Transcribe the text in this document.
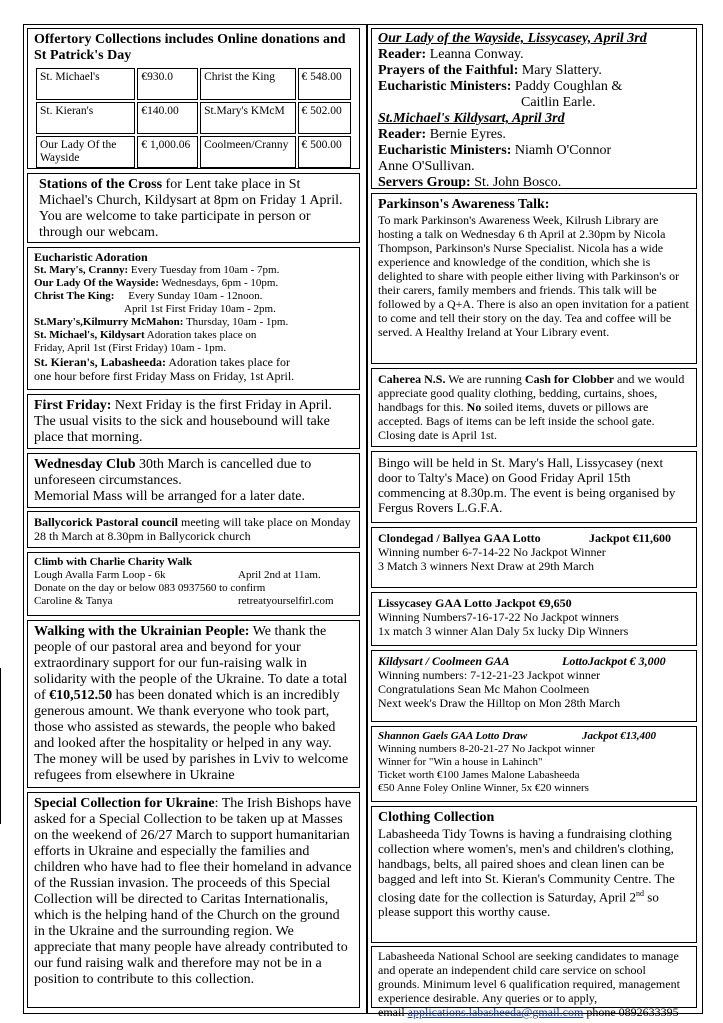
Offertory Collections includes Online donations and St Patrick's Day

St. Michael's	€930.0	Christ the King	€ 548.00
St. Kieran's	€140.00	St.Mary's KMcM	€ 502.00
Our Lady Of the Wayside	€ 1,000.06	Coolmeen/Cranny	€ 500.00

Stations of the Cross for Lent take place in St Michael's Church, Kildysart at 8pm on Friday 1 April. You are welcome to take participate in person or through our webcam.

Eucharistic Adoration

St. Mary's, Cranny: Every Tuesday from 10am - 7pm.

Our Lady Of the Wayside: Wednesdays, 6pm - 10pm.

Christ The King: Every Sunday 10am - 12noon.

April 1st First Friday 10am - 2pm.

St.Mary's,Kilmurry McMahon: Thursday, 10am - 1pm.

St. Michael's, Kildysart Adoration takes place on

Friday, April 1st (First Friday) 10am - 1pm.

St. Kieran's, Labasheeda: Adoration takes place for

one hour before first Friday Mass on Friday, 1st April.

First Friday: Next Friday is the first Friday in April. The usual visits to the sick and housebound will take place that morning.

Wednesday Club 30th March is cancelled due to unforeseen circumstances.

Memorial Mass will be arranged for a later date.

Ballycorick Pastoral council meeting will take place on Monday 28 th March at 8.30pm in Ballycorick church

Climb with Charlie Charity Walk

Lough Avalla Farm Loop - 6k	April 2nd at 11am.

Donate on the day or below 083 0937560 to confirm

Caroline & Tanya	retreatyourselfirl.com

Walking with the Ukrainian People: We thank the people of our pastoral area and beyond for your extraordinary support for our fun-raising walk in solidarity with the people of the Ukraine. To date a total of €10,512.50 has been donated which is an incredibly generous amount. We thank everyone who took part, those who assisted as stewards, the people who baked and looked after the hospitality or helped in any way. The money will be used by parishes in Lviv to welcome refugees from elsewhere in Ukraine

Special Collection for Ukraine: The Irish Bishops have asked for a Special Collection to be taken up at Masses on the weekend of 26/27 March to support humanitarian efforts in Ukraine and especially the families and children who have had to flee their homeland in advance of the Russian invasion. The proceeds of this Special Collection will be directed to Caritas Internationalis, which is the helping hand of the Church on the ground in the Ukraine and the surrounding region. We appreciate that many people have already contributed to our fund raising walk and therefore may not be in a position to contribute to this collection.

Our Lady of the Wayside, Lissycasey, April 3rd

Reader: Leanna Conway.

Prayers of the Faithful: Mary Slattery.

Eucharistic Ministers: Paddy Coughlan &

Caitlin Earle.

St.Michael's Kildysart, April 3rd

Reader: Bernie Eyres.

Eucharistic Ministers: Niamh O'Connor

Anne O'Sullivan.

Servers Group: St. John Bosco.

Parkinson's Awareness Talk:

To mark Parkinson's Awareness Week, Kilrush Library are hosting a talk on Wednesday 6 th April at 2.30pm by Nicola Thompson, Parkinson's Nurse Specialist. Nicola has a wide experience and knowledge of the condition, which she is delighted to share with people either living with Parkinson's or their carers, family members and friends. This talk will be followed by a Q+A. There is also an open invitation for a patient to come and tell their story on the day. Tea and coffee will be served. A Healthy Ireland at Your Library event.

Caherea N.S. We are running Cash for Clobber and we would appreciate good quality clothing, bedding, curtains, shoes, handbags for this. No soiled items, duvets or pillows are accepted. Bags of items can be left inside the school gate. Closing date is April 1st.

Bingo will be held in St. Mary's Hall, Lissycasey (next door to Talty's Mace) on Good Friday April 15th commencing at 8.30p.m. The event is being organised by Fergus Rovers L.G.F.A.

Clondegad / Ballyea GAA Lotto	Jackpot €11,600

Winning number 6-7-14-22 No Jackpot Winner

3 Match 3 winners Next Draw at 29th March

Lissycasey GAA Lotto Jackpot €9,650

Winning Numbers7-16-17-22 No Jackpot winners

1x match 3 winner Alan Daly 5x lucky Dip Winners

Kildysart / Coolmeen GAA	LottoJackpot € 3,000

Winning numbers: 7-12-21-23 Jackpot winner

Congratulations Sean Mc Mahon Coolmeen

Next week's Draw the Hilltop on Mon 28th March

Shannon Gaels GAA Lotto Draw	Jackpot €13,400

Winning numbers 8-20-21-27 No Jackpot winner

Winner for "Win a house in Lahinch"

Ticket worth €100 James Malone Labasheeda

€50 Anne Foley Online Winner, 5x €20 winners

Clothing Collection

Labasheeda Tidy Towns is having a fundraising clothing collection where women's, men's and children's clothing, handbags, belts, all paired shoes and clean linen can be bagged and left into St. Kieran's Community Centre. The closing date for the collection is Saturday, April 2nd so please support this worthy cause.

Labasheeda National School are seeking candidates to manage and operate an independent child care service on school grounds. Minimum level 6 qualification required, management experience desirable. Any queries or to apply,

email applications.labasheeda@gmail.com phone 0892633395
